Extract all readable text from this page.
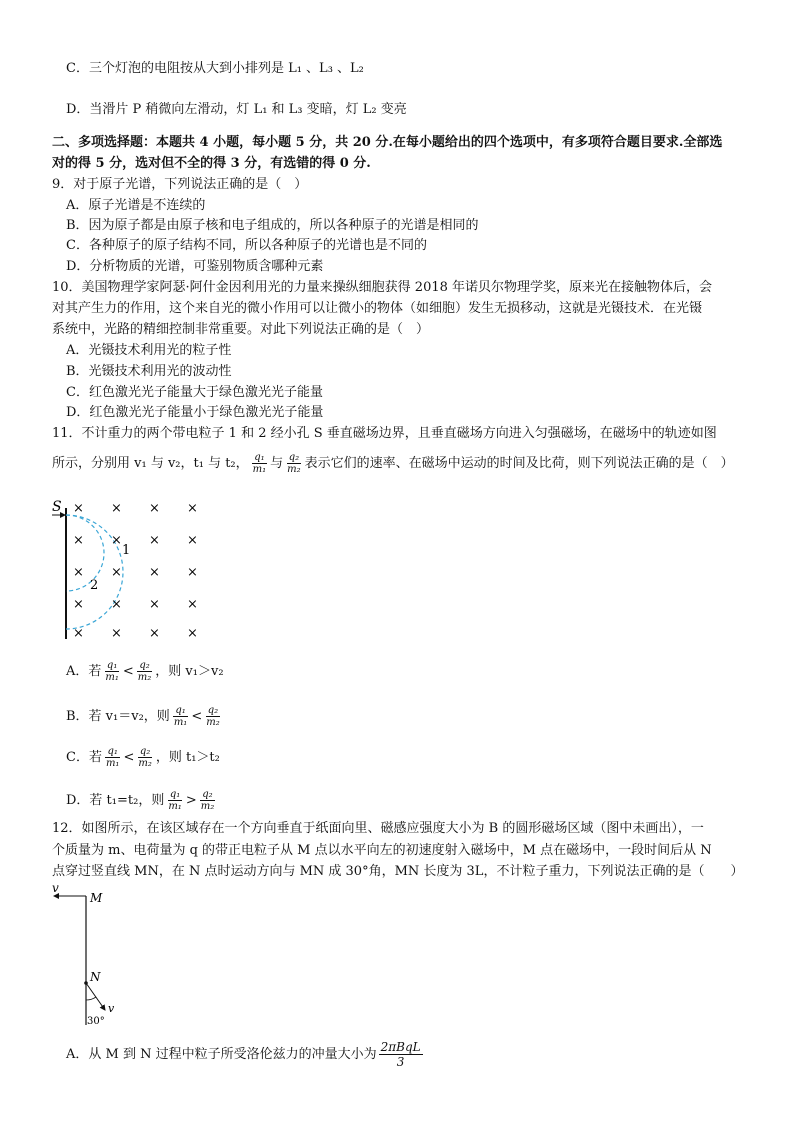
C．三个灯泡的电阻按从大到小排列是 L₁ 、L₃ 、L₂
D．当滑片 P 稍微向左滑动，灯 L₁ 和 L₃ 变暗，灯 L₂ 变亮
二、多项选择题：本题共 4 小题，每小题 5 分，共 20 分.在每小题给出的四个选项中，有多项符合题目要求.全部选
对的得 5 分，选对但不全的得 3 分，有选错的得 0 分.
9．对于原子光谱，下列说法正确的是（　）
A．原子光谱是不连续的
B．因为原子都是由原子核和电子组成的，所以各种原子的光谱是相同的
C．各种原子的原子结构不同，所以各种原子的光谱也是不同的
D．分析物质的光谱，可鉴别物质含哪种元素
10．美国物理学家阿瑟·阿什金因利用光的力量来操纵细胞获得 2018 年诺贝尔物理学奖，原来光在接触物体后，会
对其产生力的作用，这个来自光的微小作用可以让微小的物体（如细胞）发生无损移动，这就是光镊技术．在光镊
系统中，光路的精细控制非常重要。对此下列说法正确的是（　）
A．光镊技术利用光的粒子性
B．光镊技术利用光的波动性
C．红色激光光子能量大于绿色激光光子能量
D．红色激光光子能量小于绿色激光光子能量
11．不计重力的两个带电粒子 1 和 2 经小孔 S 垂直磁场边界，且垂直磁场方向进入匀强磁场，在磁场中的轨迹如图
所示，分别用 v₁ 与 v₂，t₁ 与 t₂， $\frac{\text{q₁}}{\text{m₁}}$ 与 $\frac{\text{q₂}}{\text{m₂}}$ 表示它们的速率、在磁场中运动的时间及比荷，则下列说法正确的是（　）
S
1
2
× × × ×
× × × ×
× × × ×
× × × ×
× × × ×
A．若 $\frac{\text{q₁}}{\text{m₁}} < \frac{\text{q₂}}{\text{m₂}}$ ，则 v₁＞v₂
B．若 v₁＝v₂，则 $\frac{\text{q₁}}{\text{m₁}} < \frac{\text{q₂}}{\text{m₂}}$
C．若 $\frac{\text{q₁}}{\text{m₁}} < \frac{\text{q₂}}{\text{m₂}}$ ，则 t₁＞t₂
D．若 t₁=t₂，则 $\frac{\text{q₁}}{\text{m₁}} > \frac{\text{q₂}}{\text{m₂}}$
12．如图所示，在该区域存在一个方向垂直于纸面向里、磁感应强度大小为 B 的圆形磁场区域（图中未画出），一
个质量为 m、电荷量为 q 的带正电粒子从 M 点以水平向左的初速度射入磁场中，M 点在磁场中，一段时间后从 N
点穿过竖直线 MN，在 N 点时运动方向与 MN 成 30°角，MN 长度为 3L，不计粒子重力，下列说法正确的是（　　）
v
M
N
v
30°
A．从 M 到 N 过程中粒子所受洛伦兹力的冲量大小为 $\frac{\text{2πBqL}}{3}$
